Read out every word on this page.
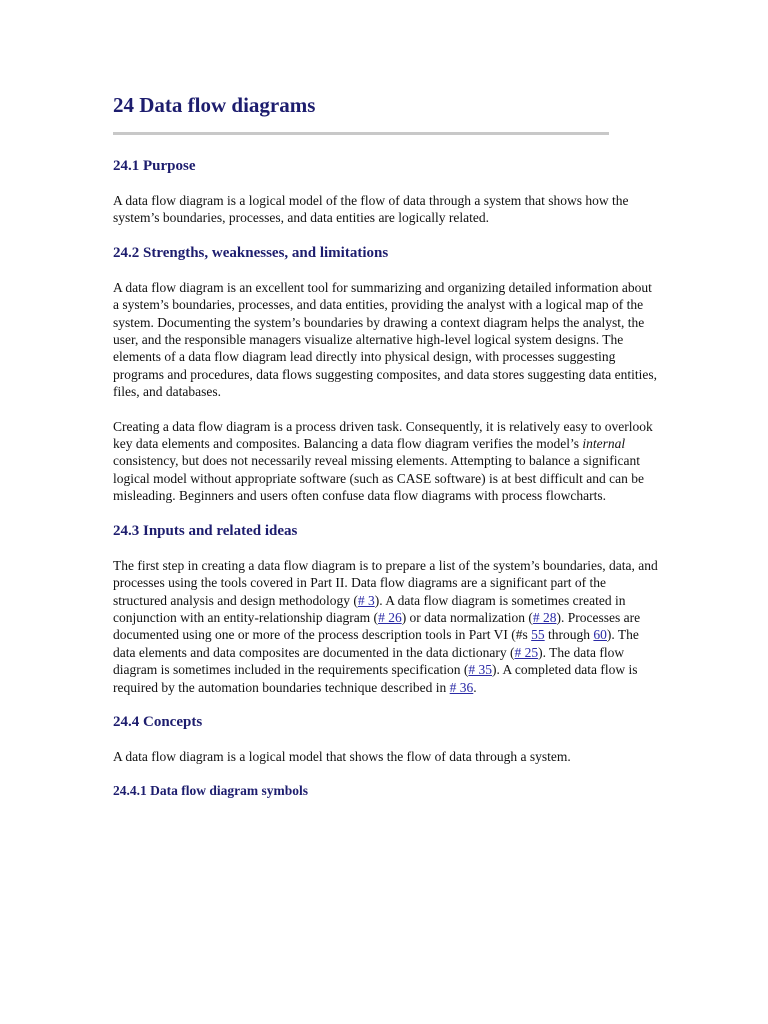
24 Data flow diagrams
24.1 Purpose

A data flow diagram is a logical model of the flow of data through a system that shows how the system’s boundaries, processes, and data entities are logically related.

24.2 Strengths, weaknesses, and limitations

A data flow diagram is an excellent tool for summarizing and organizing detailed information about a system’s boundaries, processes, and data entities, providing the analyst with a logical map of the system. Documenting the system’s boundaries by drawing a context diagram helps the analyst, the user, and the responsible managers visualize alternative high-level logical system designs. The elements of a data flow diagram lead directly into physical design, with processes suggesting programs and procedures, data flows suggesting composites, and data stores suggesting data entities, files, and databases.

Creating a data flow diagram is a process driven task. Consequently, it is relatively easy to overlook key data elements and composites. Balancing a data flow diagram verifies the model’s internal consistency, but does not necessarily reveal missing elements. Attempting to balance a significant logical model without appropriate software (such as CASE software) is at best difficult and can be misleading. Beginners and users often confuse data flow diagrams with process flowcharts.

24.3 Inputs and related ideas

The first step in creating a data flow diagram is to prepare a list of the system’s boundaries, data, and processes using the tools covered in Part II. Data flow diagrams are a significant part of the structured analysis and design methodology (# 3). A data flow diagram is sometimes created in conjunction with an entity-relationship diagram (# 26) or data normalization (# 28). Processes are documented using one or more of the process description tools in Part VI (#s 55 through 60). The data elements and data composites are documented in the data dictionary (# 25). The data flow diagram is sometimes included in the requirements specification (# 35). A completed data flow is required by the automation boundaries technique described in # 36.

24.4 Concepts

A data flow diagram is a logical model that shows the flow of data through a system.

24.4.1 Data flow diagram symbols
